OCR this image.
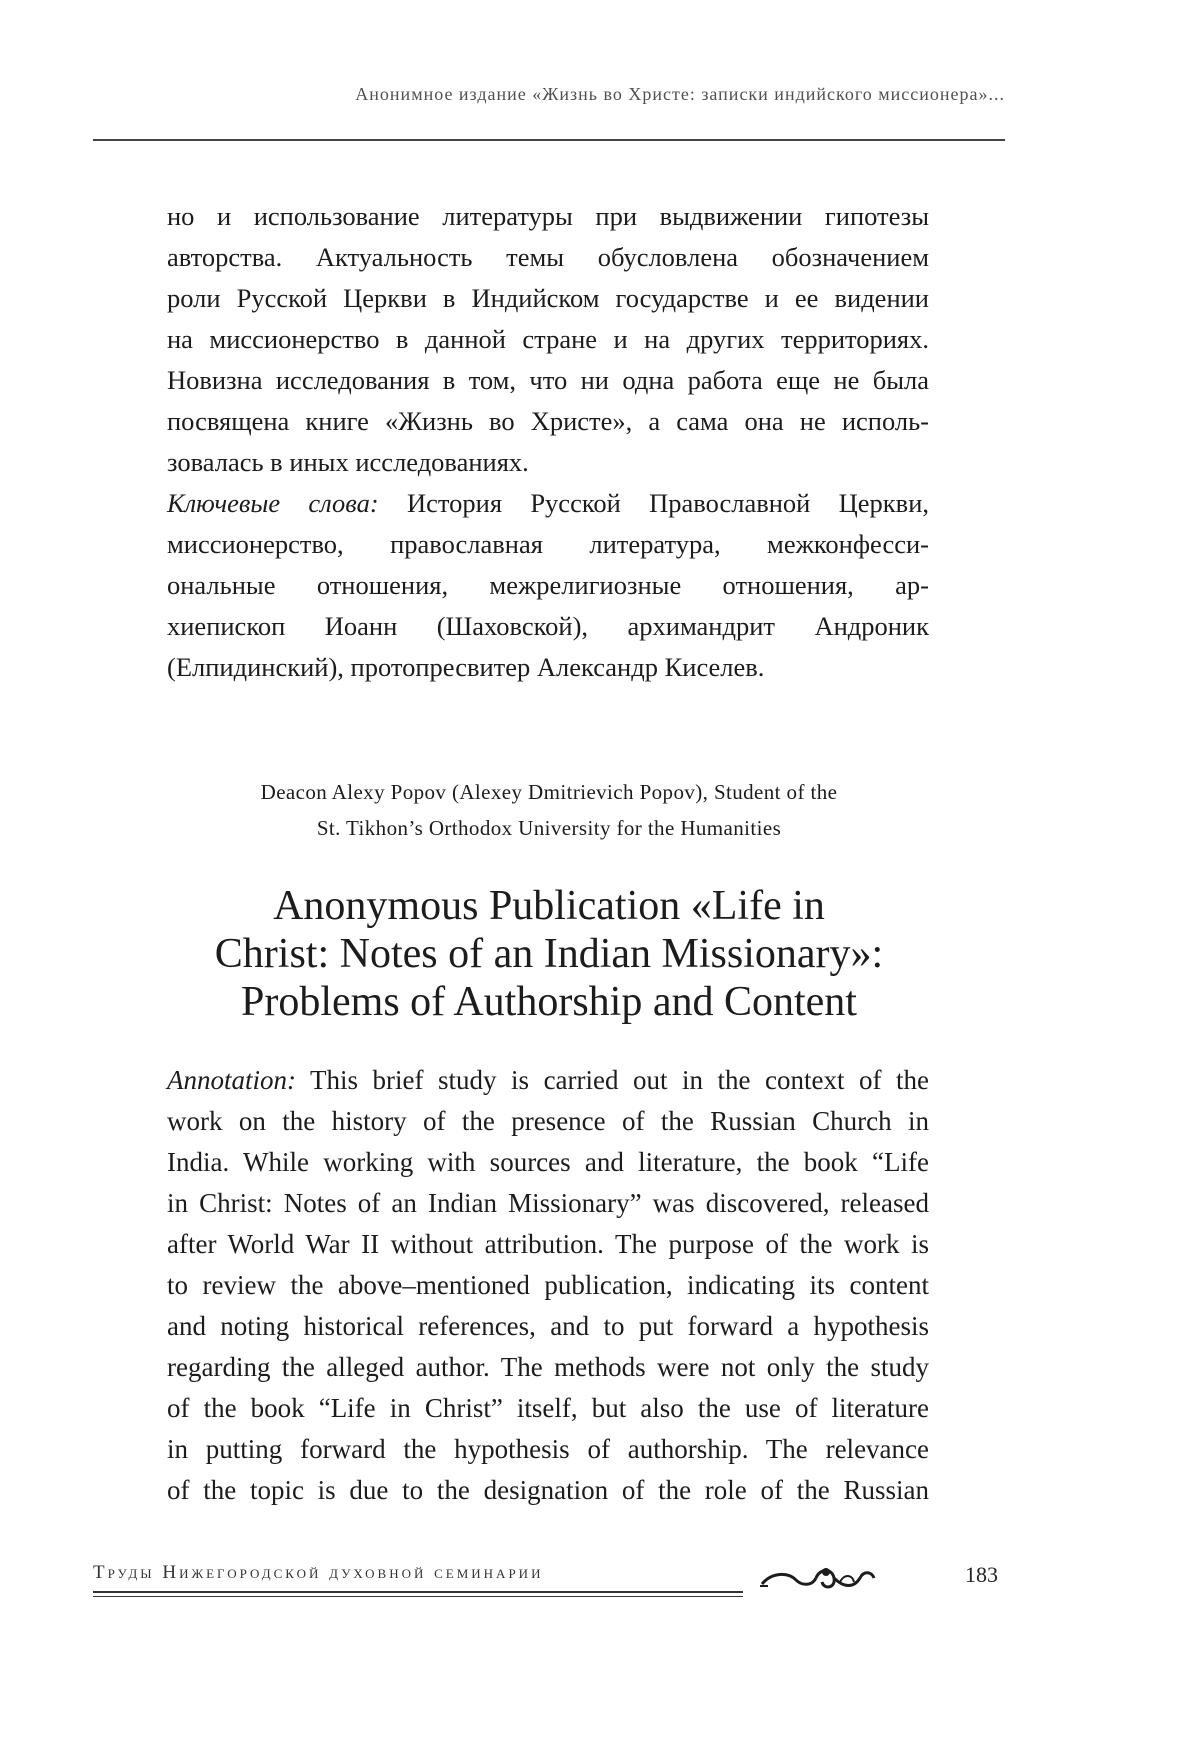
Анонимное издание «Жизнь во Христе: записки индийского миссионера»...
но и использование литературы при выдвижении гипотезы
авторства. Актуальность темы обусловлена обозначением
роли Русской Церкви в Индийском государстве и ее видении
на миссионерство в данной стране и на других территориях.
Новизна исследования в том, что ни одна работа еще не была
посвящена книге «Жизнь во Христе», а сама она не исполь-
зовалась в иных исследованиях.
Ключевые слова: История Русской Православной Церкви,
миссионерство, православная литература, межконфесси-
ональные отношения, межрелигиозные отношения, ар-
хиепископ Иоанн (Шаховской), архимандрит Андроник
(Елпидинский), протопресвитер Александр Киселев.
Deacon Alexy Popov (Alexey Dmitrievich Popov), Student of the
St. Tikhon’s Orthodox University for the Humanities
Anonymous Publication «Life in
Christ: Notes of an Indian Missionary»:
Problems of Authorship and Content
Annotation: This brief study is carried out in the context of the
work on the history of the presence of the Russian Church in
India. While working with sources and literature, the book “Life
in Christ: Notes of an Indian Missionary” was discovered, released
after World War II without attribution. The purpose of the work is
to review the above–mentioned publication, indicating its content
and noting historical references, and to put forward a hypothesis
regarding the alleged author. The methods were not only the study
of the book “Life in Christ” itself, but also the use of literature
in putting forward the hypothesis of authorship. The relevance
of the topic is due to the designation of the role of the Russian
Труды Нижегородской духовной семинарии	183
